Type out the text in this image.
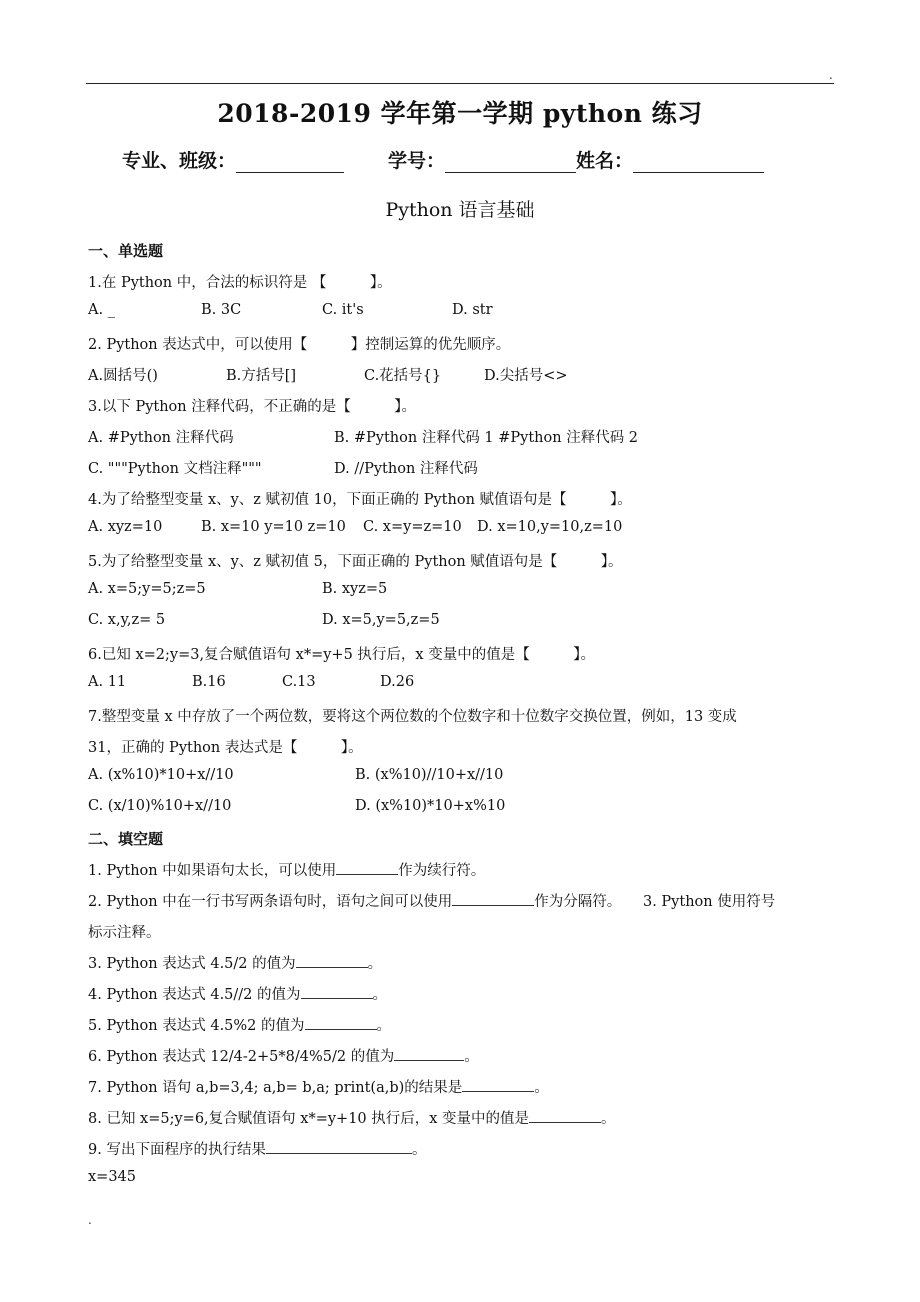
.
2018-2019 学年第一学期 python 练习
专业、班级：	学号：	姓名：
Python 语言基础
一、单选题
1.在 Python 中，合法的标识符是 【　　　】。
A. _	B. 3C	C. it's	D. str
2. Python 表达式中，可以使用【　　　】控制运算的优先顺序。
A.圆括号()	B.方括号[]	C.花括号{}	D.尖括号<>
3.以下 Python 注释代码，不正确的是【　　　】。
A. #Python 注释代码	B. #Python 注释代码 1 #Python 注释代码 2
C. """Python 文档注释"""	D. //Python 注释代码
4.为了给整型变量 x、y、z 赋初值 10，下面正确的 Python 赋值语句是【　　　】。
A. xyz=10	B. x=10 y=10 z=10 C. x=y=z=10 D. x=10,y=10,z=10
5.为了给整型变量 x、y、z 赋初值 5，下面正确的 Python 赋值语句是【　　　】。
A. x=5;y=5;z=5	B. xyz=5
C. x,y,z= 5	D. x=5,y=5,z=5
6.已知 x=2;y=3,复合赋值语句 x*=y+5 执行后，x 变量中的值是【　　　】。
A. 11	B.16	C.13	D.26
7.整型变量 x 中存放了一个两位数，要将这个两位数的个位数字和十位数字交换位置，例如，13 变成
31，正确的 Python 表达式是【　　　】。
A. (x%10)*10+x//10	B. (x%10)//10+x//10
C. (x/10)%10+x//10	D. (x%10)*10+x%10
二、填空题
1. Python 中如果语句太长，可以使用	作为续行符。
2. Python 中在一行书写两条语句时，语句之间可以使用	作为分隔符。　　3. Python 使用符号
标示注释。
3. Python 表达式 4.5/2 的值为	。
4. Python 表达式 4.5//2 的值为	。
5. Python 表达式 4.5%2 的值为	。
6. Python 表达式 12/4-2+5*8/4%5/2 的值为	。
7. Python 语句 a,b=3,4; a,b= b,a; print(a,b)的结果是	。
8. 已知 x=5;y=6,复合赋值语句 x*=y+10 执行后，x 变量中的值是	。
9. 写出下面程序的执行结果	。
x=345
.
